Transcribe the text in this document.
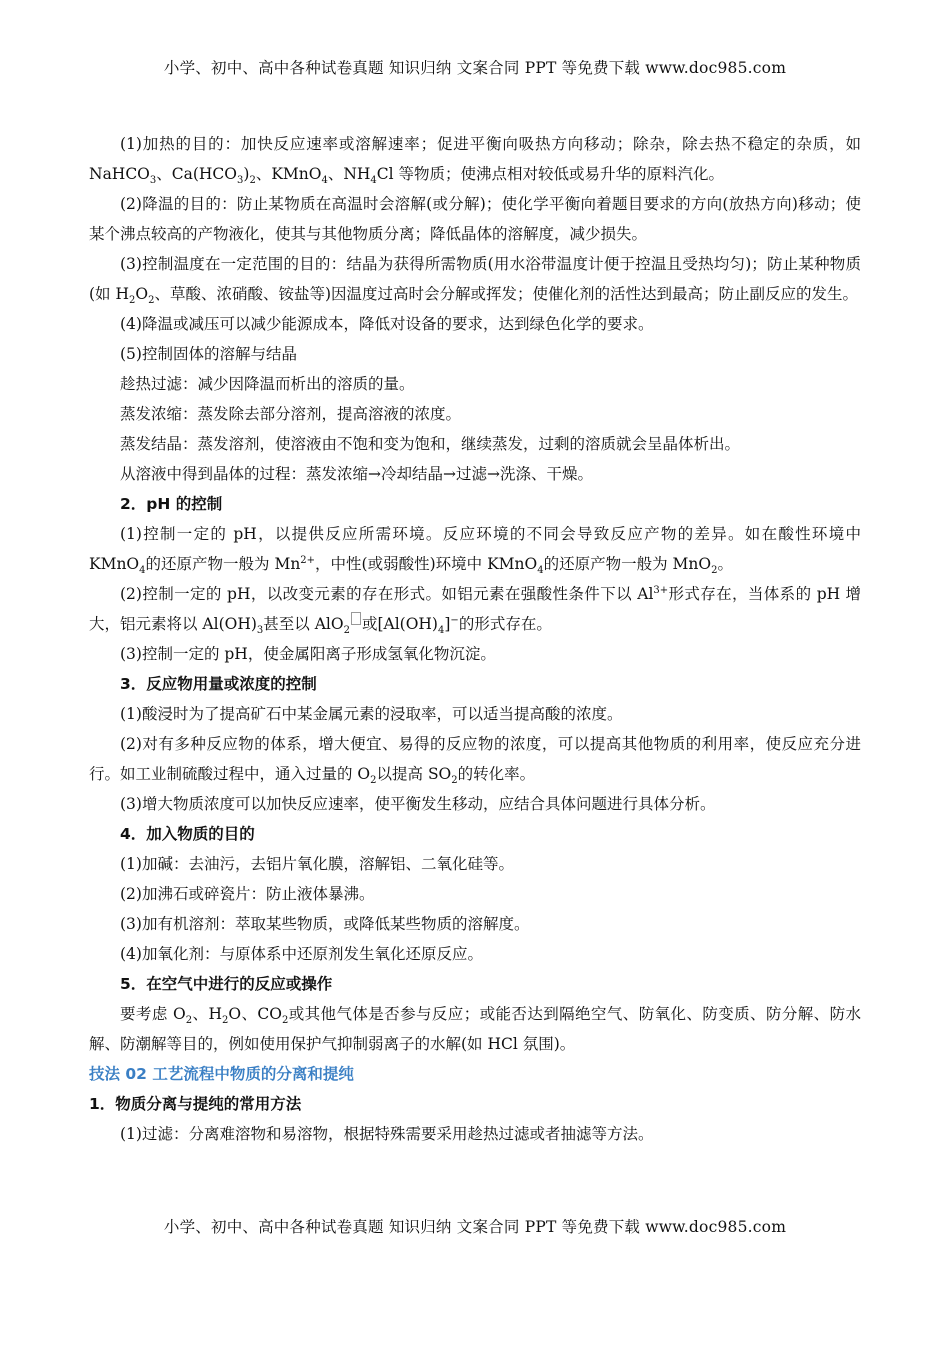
小学、初中、高中各种试卷真题 知识归纳 文案合同 PPT 等免费下载 www.doc985.com

(1)加热的目的：加快反应速率或溶解速率；促进平衡向吸热方向移动；除杂，除去热不稳定的杂质，如 NaHCO$_3$、$Ca(HCO_3)_2$、KMnO$_4$、$NH_4Cl$ 等物质；使沸点相对较低或易升华的原料汽化。

(2)降温的目的：防止某物质在高温时会溶解(或分解)；使化学平衡向着题目要求的方向(放热方向)移动；使某个沸点较高的产物液化，使其与其他物质分离；降低晶体的溶解度，减少损失。

(3)控制温度在一定范围的目的：结晶为获得所需物质(用水浴带温度计便于控温且受热均匀)；防止某种物质(如 $H_2O_2$、草酸、浓硝酸、铵盐等)因温度过高时会分解或挥发；使催化剂的活性达到最高；防止副反应的发生。

(4)降温或减压可以减少能源成本，降低对设备的要求，达到绿色化学的要求。

(5)控制固体的溶解与结晶

趁热过滤：减少因降温而析出的溶质的量。

蒸发浓缩：蒸发除去部分溶剂，提高溶液的浓度。

蒸发结晶：蒸发溶剂，使溶液由不饱和变为饱和，继续蒸发，过剩的溶质就会呈晶体析出。

从溶液中得到晶体的过程：蒸发浓缩→冷却结晶→过滤→洗涤、干燥。

2．pH 的控制

(1)控制一定的 pH，以提供反应所需环境。反应环境的不同会导致反应产物的差异。如在酸性环境中 KMnO$_4$的还原产物一般为 $Mn^{2+}$，中性(或弱酸性)环境中 KMnO$_4$的还原产物一般为 MnO$_2$。

(2)控制一定的 pH，以改变元素的存在形式。如铝元素在强酸性条件下以 $Al^{3+}$形式存在，当体系的 pH 增大，铝元素将以 $Al(OH)_3$甚至以 AlO$_2$ 或$[Al(OH)_4]^-$的形式存在。

(3)控制一定的 pH，使金属阳离子形成氢氧化物沉淀。

3．反应物用量或浓度的控制

(1)酸浸时为了提高矿石中某金属元素的浸取率，可以适当提高酸的浓度。

(2)对有多种反应物的体系，增大便宜、易得的反应物的浓度，可以提高其他物质的利用率，使反应充分进行。如工业制硫酸过程中，通入过量的 $O_2$以提高 $SO_2$的转化率。

(3)增大物质浓度可以加快反应速率，使平衡发生移动，应结合具体问题进行具体分析。

4．加入物质的目的

(1)加碱：去油污，去铝片氧化膜，溶解铝、二氧化硅等。

(2)加沸石或碎瓷片：防止液体暴沸。

(3)加有机溶剂：萃取某些物质，或降低某些物质的溶解度。

(4)加氧化剂：与原体系中还原剂发生氧化还原反应。

5．在空气中进行的反应或操作

要考虑 $O_2$、$H_2O$、$CO_2$或其他气体是否参与反应；或能否达到隔绝空气、防氧化、防变质、防分解、防水解、防潮解等目的，例如使用保护气抑制弱离子的水解(如 HCl 氛围)。

技法 02 工艺流程中物质的分离和提纯

1．物质分离与提纯的常用方法

(1)过滤：分离难溶物和易溶物，根据特殊需要采用趁热过滤或者抽滤等方法。

小学、初中、高中各种试卷真题 知识归纳 文案合同 PPT 等免费下载 www.doc985.com
